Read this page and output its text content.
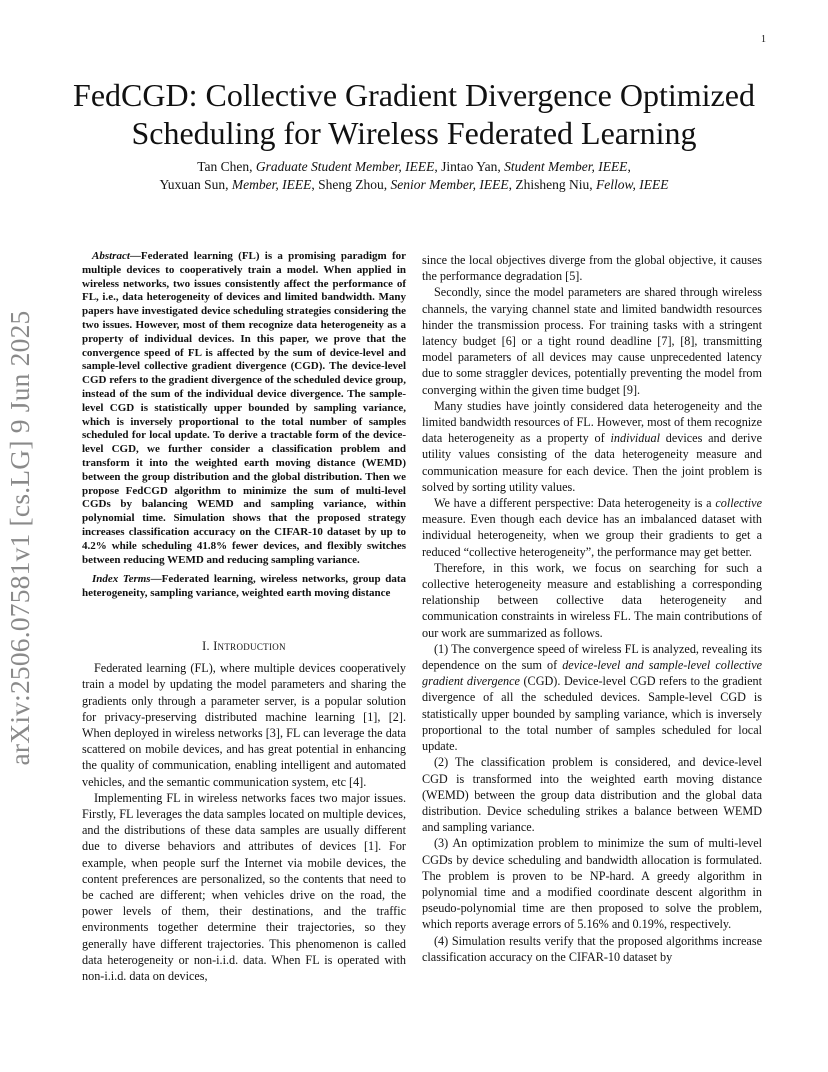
1
arXiv:2506.07581v1 [cs.LG] 9 Jun 2025
FedCGD: Collective Gradient Divergence Optimized
Scheduling for Wireless Federated Learning
Tan Chen, Graduate Student Member, IEEE, Jintao Yan, Student Member, IEEE,
Yuxuan Sun, Member, IEEE, Sheng Zhou, Senior Member, IEEE, Zhisheng Niu, Fellow, IEEE

Abstract—Federated learning (FL) is a promising paradigm for multiple devices to cooperatively train a model. When applied in wireless networks, two issues consistently affect the performance of FL, i.e., data heterogeneity of devices and limited bandwidth. Many papers have investigated device scheduling strategies considering the two issues. However, most of them recognize data heterogeneity as a property of individual devices. In this paper, we prove that the convergence speed of FL is affected by the sum of device-level and sample-level collective gradient divergence (CGD). The device-level CGD refers to the gradient divergence of the scheduled device group, instead of the sum of the individual device divergence. The sample-level CGD is statistically upper bounded by sampling variance, which is inversely proportional to the total number of samples scheduled for local update. To derive a tractable form of the device-level CGD, we further consider a classification problem and transform it into the weighted earth moving distance (WEMD) between the group distribution and the global distribution. Then we propose FedCGD algorithm to minimize the sum of multi-level CGDs by balancing WEMD and sampling variance, within polynomial time. Simulation shows that the proposed strategy increases classification accuracy on the CIFAR-10 dataset by up to 4.2% while scheduling 41.8% fewer devices, and flexibly switches between reducing WEMD and reducing sampling variance.

Index Terms—Federated learning, wireless networks, group data heterogeneity, sampling variance, weighted earth moving distance

I. Introduction

Federated learning (FL), where multiple devices cooperatively train a model by updating the model parameters and sharing the gradients only through a parameter server, is a popular solution for privacy-preserving distributed machine learning [1], [2]. When deployed in wireless networks [3], FL can leverage the data scattered on mobile devices, and has great potential in enhancing the quality of communication, enabling intelligent and automated vehicles, and the semantic communication system, etc [4].

Implementing FL in wireless networks faces two major issues. Firstly, FL leverages the data samples located on multiple devices, and the distributions of these data samples are usually different due to diverse behaviors and attributes of devices [1]. For example, when people surf the Internet via mobile devices, the content preferences are personalized, so the contents that need to be cached are different; when vehicles drive on the road, the power levels of them, their destinations, and the traffic environments together determine their trajectories, so they generally have different trajectories. This phenomenon is called data heterogeneity or non-i.i.d. data. When FL is operated with non-i.i.d. data on devices,

since the local objectives diverge from the global objective, it causes the performance degradation [5].

Secondly, since the model parameters are shared through wireless channels, the varying channel state and limited bandwidth resources hinder the transmission process. For training tasks with a stringent latency budget [6] or a tight round deadline [7], [8], transmitting model parameters of all devices may cause unprecedented latency due to some straggler devices, potentially preventing the model from converging within the given time budget [9].

Many studies have jointly considered data heterogeneity and the limited bandwidth resources of FL. However, most of them recognize data heterogeneity as a property of individual devices and derive utility values consisting of the data heterogeneity measure and communication measure for each device. Then the joint problem is solved by sorting utility values.

We have a different perspective: Data heterogeneity is a collective measure. Even though each device has an imbalanced dataset with individual heterogeneity, when we group their gradients to get a reduced “collective heterogeneity”, the performance may get better.

Therefore, in this work, we focus on searching for such a collective heterogeneity measure and establishing a corresponding relationship between collective data heterogeneity and communication constraints in wireless FL. The main contributions of our work are summarized as follows.

(1) The convergence speed of wireless FL is analyzed, revealing its dependence on the sum of device-level and sample-level collective gradient divergence (CGD). Device-level CGD refers to the gradient divergence of all the scheduled devices. Sample-level CGD is statistically upper bounded by sampling variance, which is inversely proportional to the total number of samples scheduled for local update.

(2) The classification problem is considered, and device-level CGD is transformed into the weighted earth moving distance (WEMD) between the group data distribution and the global data distribution. Device scheduling strikes a balance between WEMD and sampling variance.

(3) An optimization problem to minimize the sum of multi-level CGDs by device scheduling and bandwidth allocation is formulated. The problem is proven to be NP-hard. A greedy algorithm in polynomial time and a modified coordinate descent algorithm in pseudo-polynomial time are then proposed to solve the problem, which reports average errors of 5.16% and 0.19%, respectively.

(4) Simulation results verify that the proposed algorithms increase classification accuracy on the CIFAR-10 dataset by
